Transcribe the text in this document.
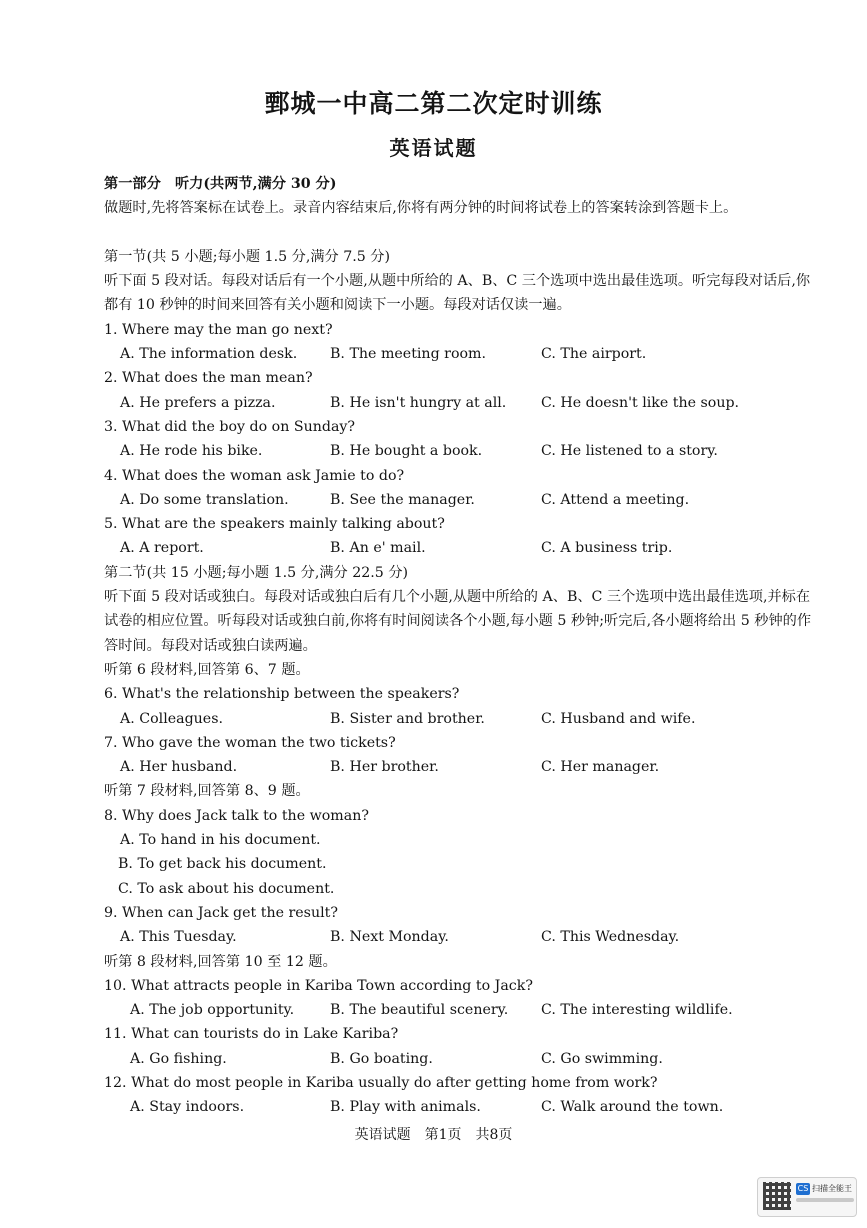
鄄城一中高二第二次定时训练
英语试题
第一部分　听力(共两节,满分 30 分)
做题时,先将答案标在试卷上。录音内容结束后,你将有两分钟的时间将试卷上的答案转涂到答题卡上。
第一节(共 5 小题;每小题 1.5 分,满分 7.5 分)
听下面 5 段对话。每段对话后有一个小题,从题中所给的 A、B、C 三个选项中选出最佳选项。听完每段对话后,你都有 10 秒钟的时间来回答有关小题和阅读下一小题。每段对话仅读一遍。
1. Where may the man go next?
A. The information desk. B. The meeting room.	C. The airport.
2. What does the man mean?
A. He prefers a pizza.	B. He isn't hungry at all. C. He doesn't like the soup.
3. What did the boy do on Sunday?
A. He rode his bike.	B. He bought a book.	C. He listened to a story.
4. What does the woman ask Jamie to do?
A. Do some translation.	B. See the manager.	C. Attend a meeting.
5. What are the speakers mainly talking about?
A. A report.	B. An e' mail.	C. A business trip.
第二节(共 15 小题;每小题 1.5 分,满分 22.5 分)
听下面 5 段对话或独白。每段对话或独白后有几个小题,从题中所给的 A、B、C 三个选项中选出最佳选项,并标在试卷的相应位置。听每段对话或独白前,你将有时间阅读各个小题,每小题 5 秒钟;听完后,各小题将给出 5 秒钟的作答时间。每段对话或独白读两遍。
听第 6 段材料,回答第 6、7 题。
6. What's the relationship between the speakers?
A. Colleagues.	B. Sister and brother.	C. Husband and wife.
7. Who gave the woman the two tickets?
A. Her husband.	B. Her brother.	C. Her manager.
听第 7 段材料,回答第 8、9 题。
8. Why does Jack talk to the woman?
A. To hand in his document.
B. To get back his document.
C. To ask about his document.
9. When can Jack get the result?
A. This Tuesday.	B. Next Monday.	C. This Wednesday.
听第 8 段材料,回答第 10 至 12 题。
10. What attracts people in Kariba Town according to Jack?
A. The job opportunity.	B. The beautiful scenery. C. The interesting wildlife.
11. What can tourists do in Lake Kariba?
A. Go fishing.	B. Go boating.	C. Go swimming.
12. What do most people in Kariba usually do after getting home from work?
A. Stay indoors.	B. Play with animals.	C. Walk around the town.
英语试题　第1页　共8页
CS 扫描全能王
